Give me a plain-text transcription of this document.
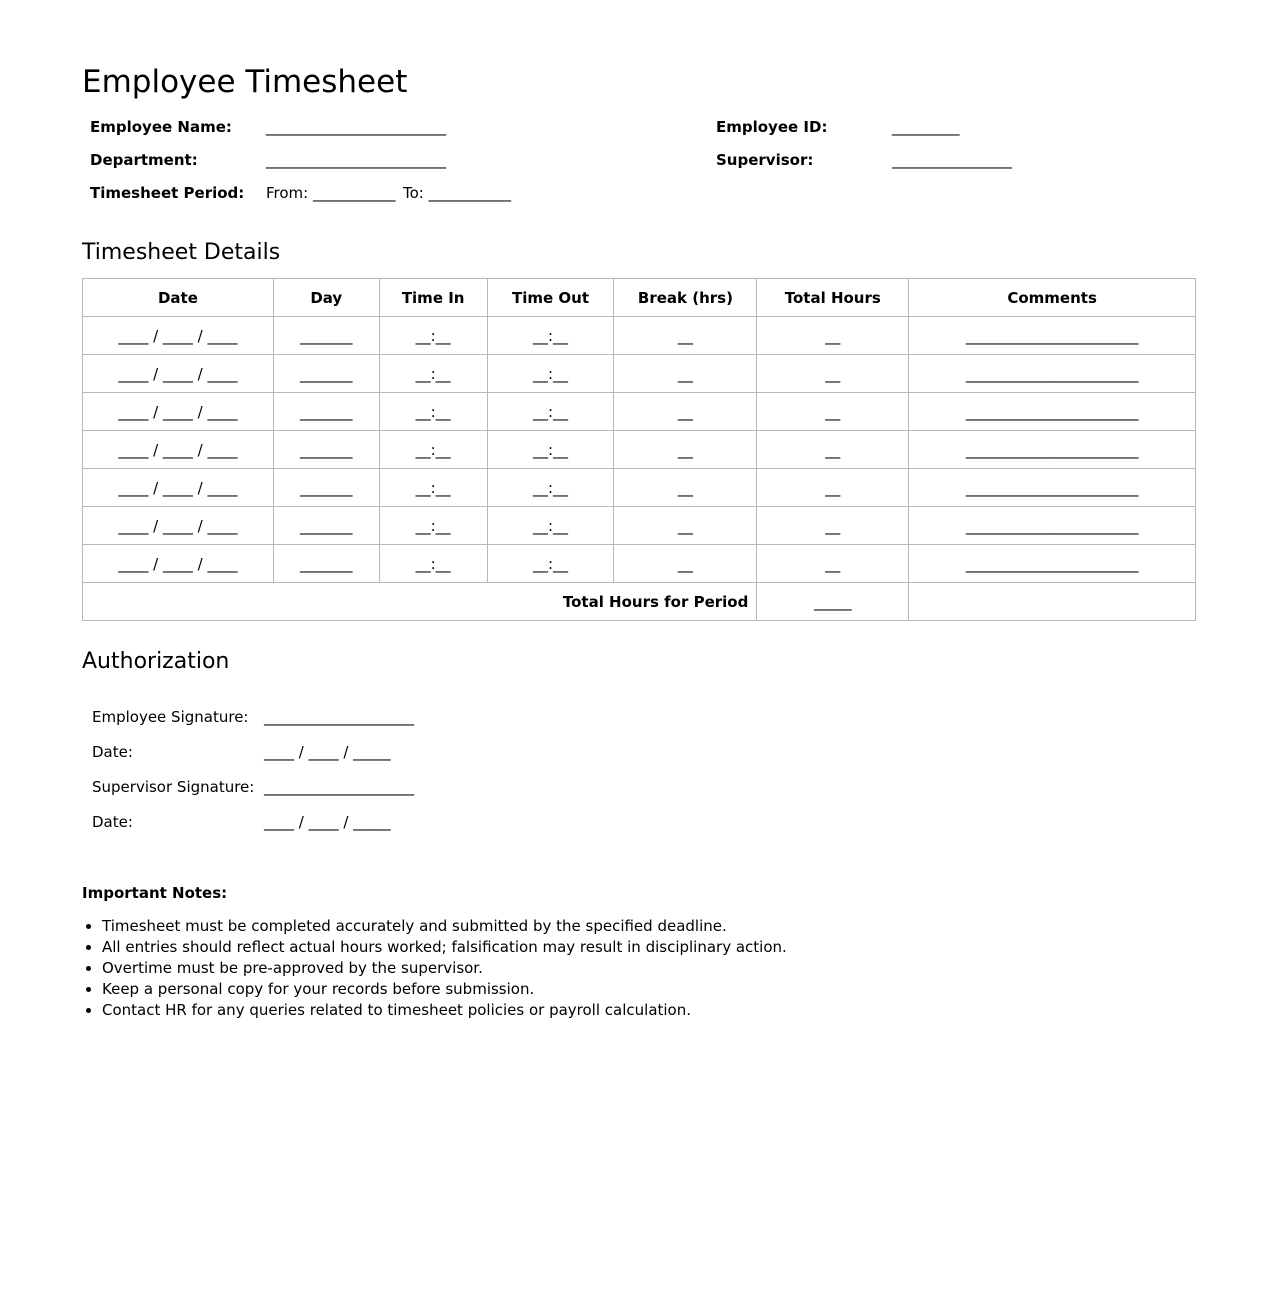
Employee Timesheet
Employee Name: ________________________	Employee ID:	_________
Department:	________________________	Supervisor:	________________
Timesheet Period: From: ___________ To: ___________
Timesheet Details
Date	Day	Time In	Time Out	Break (hrs)	Total Hours	Comments
____ / ____ / ____	_______	__:__	__:__	__	__	_______________________
____ / ____ / ____	_______	__:__	__:__	__	__	_______________________
____ / ____ / ____	_______	__:__	__:__	__	__	_______________________
____ / ____ / ____	_______	__:__	__:__	__	__	_______________________
____ / ____ / ____	_______	__:__	__:__	__	__	_______________________
____ / ____ / ____	_______	__:__	__:__	__	__	_______________________
____ / ____ / ____	_______	__:__	__:__	__	__	_______________________
Total Hours for Period					_____	
Authorization
Employee Signature: ____________________
Date:	____ / ____ / _____
Supervisor Signature: ____________________
Date:	____ / ____ / _____
Important Notes:
• Timesheet must be completed accurately and submitted by the specified deadline.
• All entries should reflect actual hours worked; falsification may result in disciplinary action.
• Overtime must be pre-approved by the supervisor.
• Keep a personal copy for your records before submission.
• Contact HR for any queries related to timesheet policies or payroll calculation.
